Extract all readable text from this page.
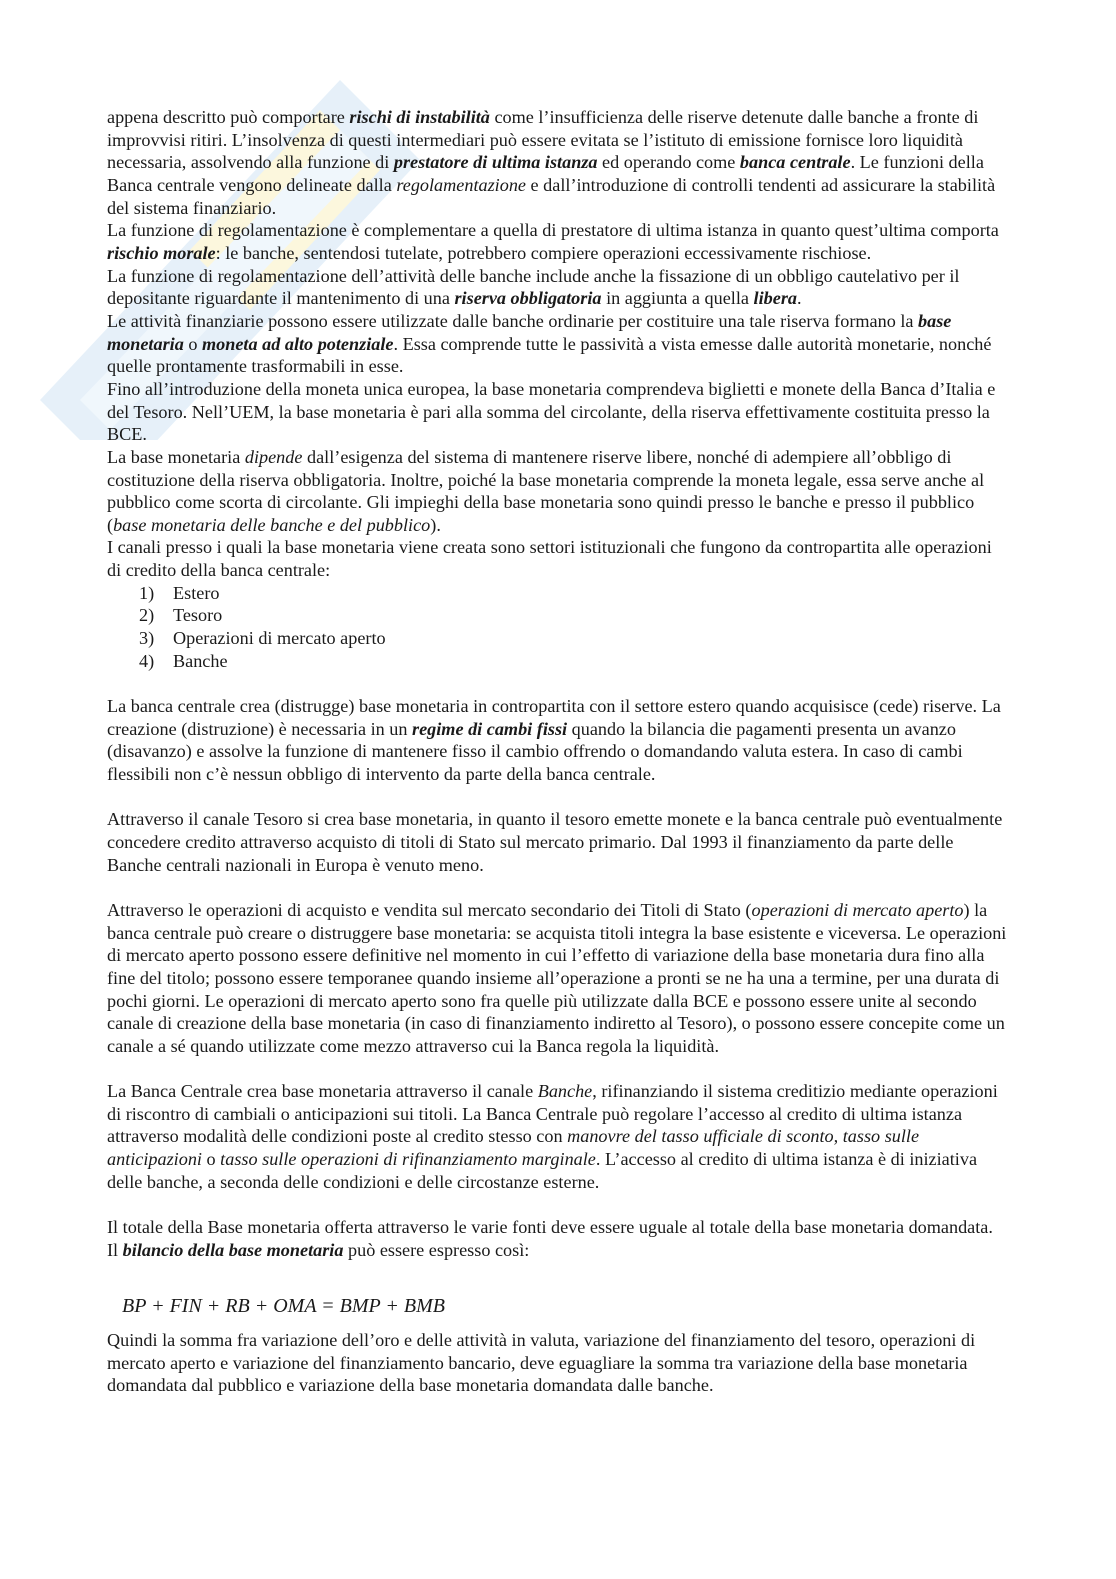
appena descritto può comportare rischi di instabilità come l’insufficienza delle riserve detenute dalle banche a fronte di improvvisi ritiri. L’insolvenza di questi intermediari può essere evitata se l’istituto di emissione fornisce loro liquidità necessaria, assolvendo alla funzione di prestatore di ultima istanza ed operando come banca centrale. Le funzioni della Banca centrale vengono delineate dalla regolamentazione e dall’introduzione di controlli tendenti ad assicurare la stabilità del sistema finanziario.

La funzione di regolamentazione è complementare a quella di prestatore di ultima istanza in quanto quest’ultima comporta rischio morale: le banche, sentendosi tutelate, potrebbero compiere operazioni eccessivamente rischiose.

La funzione di regolamentazione dell’attività delle banche include anche la fissazione di un obbligo cautelativo per il depositante riguardante il mantenimento di una riserva obbligatoria in aggiunta a quella libera.

Le attività finanziarie possono essere utilizzate dalle banche ordinarie per costituire una tale riserva formano la base monetaria o moneta ad alto potenziale. Essa comprende tutte le passività a vista emesse dalle autorità monetarie, nonché quelle prontamente trasformabili in esse.

Fino all’introduzione della moneta unica europea, la base monetaria comprendeva biglietti e monete della Banca d’Italia e del Tesoro. Nell’UEM, la base monetaria è pari alla somma del circolante, della riserva effettivamente costituita presso la BCE.

La base monetaria dipende dall’esigenza del sistema di mantenere riserve libere, nonché di adempiere all’obbligo di costituzione della riserva obbligatoria. Inoltre, poiché la base monetaria comprende la moneta legale, essa serve anche al pubblico come scorta di circolante. Gli impieghi della base monetaria sono quindi presso le banche e presso il pubblico (base monetaria delle banche e del pubblico).

I canali presso i quali la base monetaria viene creata sono settori istituzionali che fungono da contropartita alle operazioni di credito della banca centrale:

1)	Estero
2)	Tesoro
3)	Operazioni di mercato aperto
4)	Banche

La banca centrale crea (distrugge) base monetaria in contropartita con il settore estero quando acquisisce (cede) riserve. La creazione (distruzione) è necessaria in un regime di cambi fissi quando la bilancia die pagamenti presenta un avanzo (disavanzo) e assolve la funzione di mantenere fisso il cambio offrendo o domandando valuta estera. In caso di cambi flessibili non c’è nessun obbligo di intervento da parte della banca centrale.

Attraverso il canale Tesoro si crea base monetaria, in quanto il tesoro emette monete e la banca centrale può eventualmente concedere credito attraverso acquisto di titoli di Stato sul mercato primario. Dal 1993 il finanziamento da parte delle Banche centrali nazionali in Europa è venuto meno.

Attraverso le operazioni di acquisto e vendita sul mercato secondario dei Titoli di Stato (operazioni di mercato aperto) la banca centrale può creare o distruggere base monetaria: se acquista titoli integra la base esistente e viceversa. Le operazioni di mercato aperto possono essere definitive nel momento in cui l’effetto di variazione della base monetaria dura fino alla fine del titolo; possono essere temporanee quando insieme all’operazione a pronti se ne ha una a termine, per una durata di pochi giorni. Le operazioni di mercato aperto sono fra quelle più utilizzate dalla BCE e possono essere unite al secondo canale di creazione della base monetaria (in caso di finanziamento indiretto al Tesoro), o possono essere concepite come un canale a sé quando utilizzate come mezzo attraverso cui la Banca regola la liquidità.

La Banca Centrale crea base monetaria attraverso il canale Banche, rifinanziando il sistema creditizio mediante operazioni di riscontro di cambiali o anticipazioni sui titoli. La Banca Centrale può regolare l’accesso al credito di ultima istanza attraverso modalità delle condizioni poste al credito stesso con manovre del tasso ufficiale di sconto, tasso sulle anticipazioni o tasso sulle operazioni di rifinanziamento marginale. L’accesso al credito di ultima istanza è di iniziativa delle banche, a seconda delle condizioni e delle circostanze esterne.

Il totale della Base monetaria offerta attraverso le varie fonti deve essere uguale al totale della base monetaria domandata. Il bilancio della base monetaria può essere espresso così:

BP + FIN + RB + OMA = BMP + BMB

Quindi la somma fra variazione dell’oro e delle attività in valuta, variazione del finanziamento del tesoro, operazioni di mercato aperto e variazione del finanziamento bancario, deve eguagliare la somma tra variazione della base monetaria domandata dal pubblico e variazione della base monetaria domandata dalle banche.
